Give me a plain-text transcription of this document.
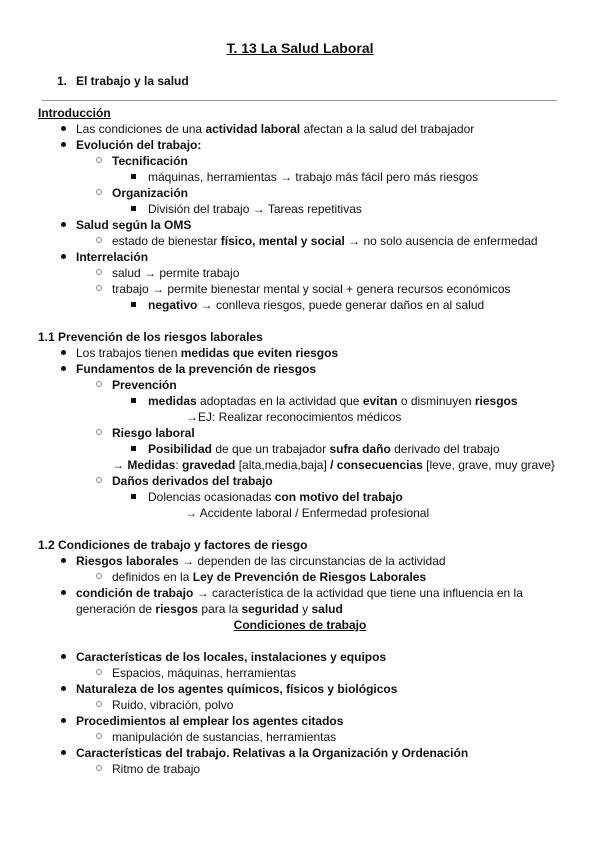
T. 13 La Salud Laboral
1. El trabajo y la salud
Introducción
Las condiciones de una actividad laboral afectan a la salud del trabajador
Evolución del trabajo:
Tecnificación
máquinas, herramientas → trabajo más fácil pero más riesgos
Organización
División del trabajo → Tareas repetitivas
Salud según la OMS
estado de bienestar físico, mental y social → no solo ausencia de enfermedad
Interrelación
salud → permite trabajo
trabajo → permite bienestar mental y social + genera recursos económicos
negativo → conlleva riesgos, puede generar daños en al salud
1.1 Prevención de los riesgos laborales
Los trabajos tienen medidas que eviten riesgos
Fundamentos de la prevención de riesgos
Prevención
medidas adoptadas en la actividad que evitan o disminuyen riesgos
→EJ: Realizar reconocimientos médicos
Riesgo laboral
Posibilidad de que un trabajador sufra daño derivado del trabajo
→ Medidas: gravedad [alta,media,baja] / consecuencias [leve, grave, muy grave}
Daños derivados del trabajo
Dolencias ocasionadas con motivo del trabajo
→ Accidente laboral / Enfermedad profesional
1.2 Condiciones de trabajo y factores de riesgo
Riesgos laborales → dependen de las circunstancias de la actividad
definidos en la Ley de Prevención de Riesgos Laborales
condición de trabajo → característica de la actividad que tiene una influencia en la
generación de riesgos para la seguridad y salud
Condiciones de trabajo
Características de los locales, instalaciones y equipos
Espacios, máquinas, herramientas
Naturaleza de los agentes químicos, físicos y biológicos
Ruido, vibración, polvo
Procedimientos al emplear los agentes citados
manipulación de sustancias, herramientas
Características del trabajo. Relativas a la Organización y Ordenación
Ritmo de trabajo
